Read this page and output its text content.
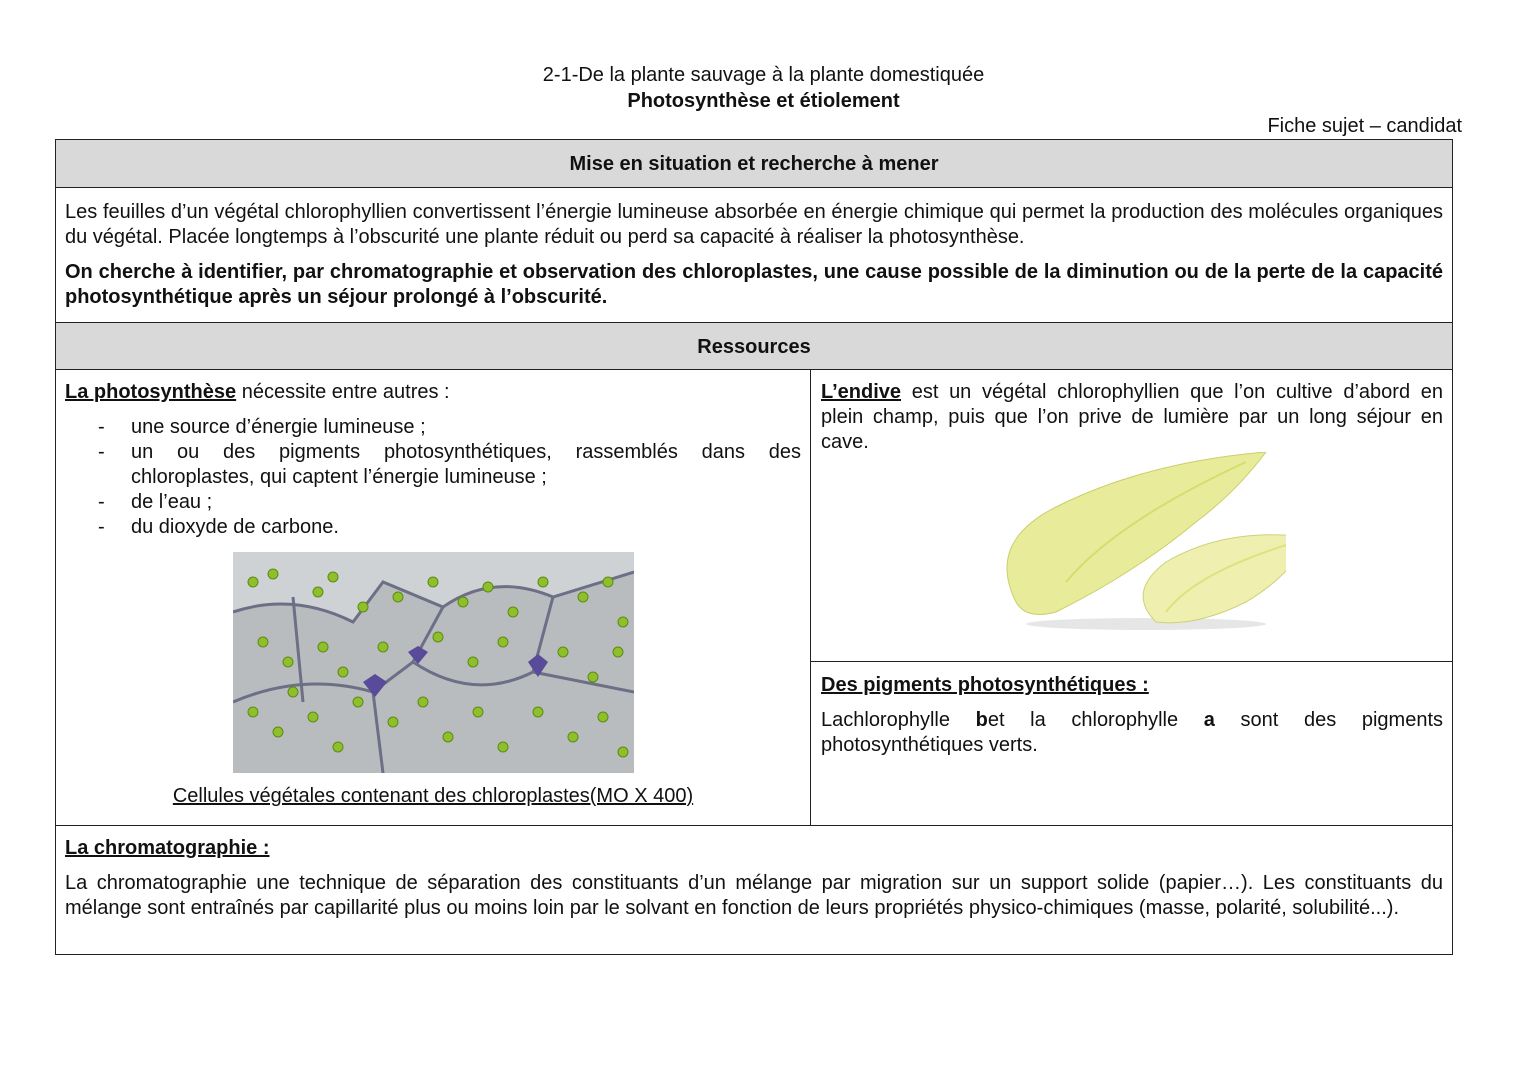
2-1-De la plante sauvage à la plante domestiquée
Photosynthèse et étiolement
Fiche sujet – candidat
Mise en situation et recherche à mener

Les feuilles d’un végétal chlorophyllien convertissent l’énergie lumineuse absorbée en énergie chimique qui permet la production des molécules organiques du végétal. Placée longtemps à l’obscurité une plante réduit ou perd sa capacité à réaliser la photosynthèse.

On cherche à identifier, par chromatographie et observation des chloroplastes, une cause possible de la diminution ou de la perte de la capacité photosynthétique après un séjour prolongé à l’obscurité.

Ressources
La photosynthèse nécessite entre autres :
- une source d’énergie lumineuse ;
- un ou des pigments photosynthétiques, rassemblés dans des chloroplastes, qui captent l’énergie lumineuse ;
- de l’eau ;
- du dioxyde de carbone.
Cellules végétales contenant des chloroplastes(MO X 400)
L’endive est un végétal chlorophyllien que l’on cultive d’abord en plein champ, puis que l’on prive de lumière par un long séjour en cave.
Des pigments photosynthétiques :
Lachlorophylle bet la chlorophylle a sont des pigments photosynthétiques verts.
La chromatographie :
La chromatographie une technique de séparation des constituants d’un mélange par migration sur un support solide (papier…). Les constituants du mélange sont entraînés par capillarité plus ou moins loin par le solvant en fonction de leurs propriétés physico-chimiques (masse, polarité, solubilité...).
